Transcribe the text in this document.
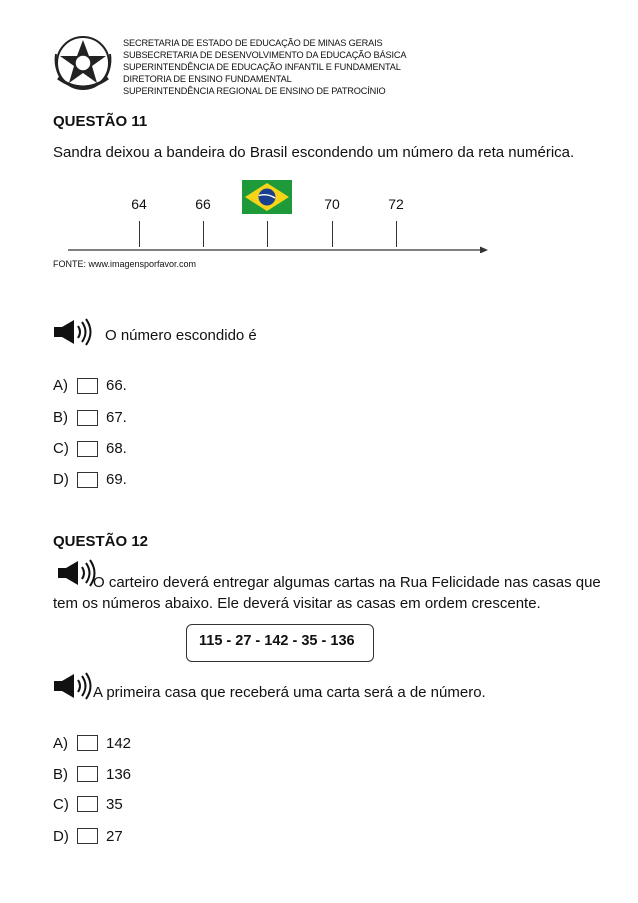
SECRETARIA DE ESTADO DE EDUCAÇÃO DE MINAS GERAIS
SUBSECRETARIA DE DESENVOLVIMENTO DA EDUCAÇÃO BÁSICA
SUPERINTENDÊNCIA DE EDUCAÇÃO INFANTIL E FUNDAMENTAL
DIRETORIA DE ENSINO FUNDAMENTAL
SUPERINTENDÊNCIA REGIONAL DE ENSINO DE PATROCÍNIO
QUESTÃO 11
Sandra deixou a bandeira do Brasil escondendo um número da reta numérica.
64	66	70	72
FONTE: www.imagensporfavor.com
O número escondido é
A)	66.
B)	67.
C) 68.
D) 69.
QUESTÃO 12
O carteiro deverá entregar algumas cartas na Rua Felicidade nas casas que
tem os números abaixo. Ele deverá visitar as casas em ordem crescente.
115 - 27 - 142 - 35 - 136
A primeira casa que receberá uma carta será a de número.
A)	142
B)	136
C) 35
D) 27
